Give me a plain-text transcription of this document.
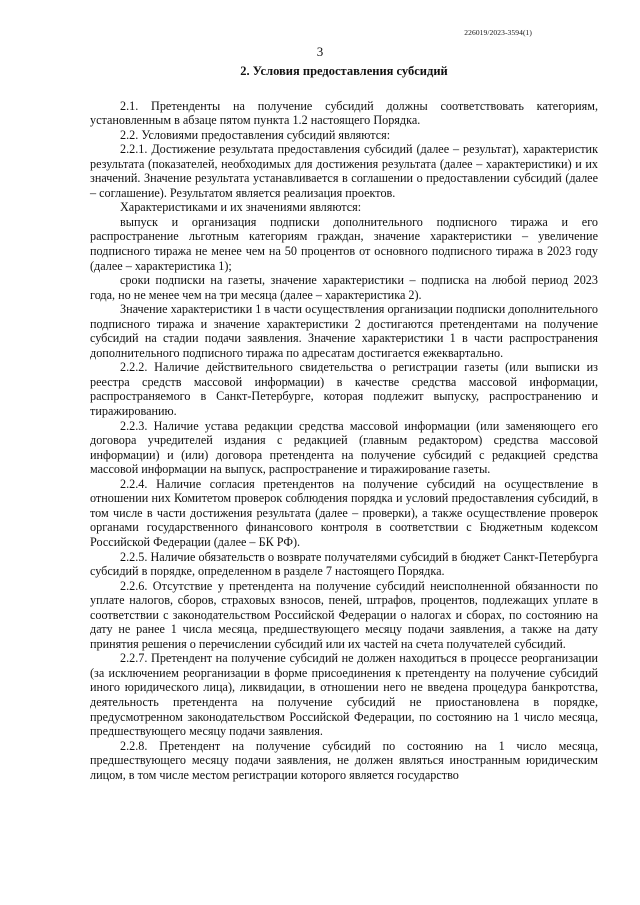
226019/2023-3594(1)
3
2. Условия предоставления субсидий

2.1. Претенденты на получение субсидий должны соответствовать категориям, установленным в абзаце пятом пункта 1.2 настоящего Порядка.

2.2. Условиями предоставления субсидий являются:

2.2.1. Достижение результата предоставления субсидий (далее – результат), характеристик результата (показателей, необходимых для достижения результата (далее – характеристики) и их значений. Значение результата устанавливается в соглашении о предоставлении субсидий (далее – соглашение). Результатом является реализация проектов.

Характеристиками и их значениями являются:

выпуск и организация подписки дополнительного подписного тиража и его распространение льготным категориям граждан, значение характеристики – увеличение подписного тиража не менее чем на 50 процентов от основного подписного тиража в 2023 году (далее – характеристика 1);

сроки подписки на газеты, значение характеристики – подписка на любой период 2023 года, но не менее чем на три месяца (далее – характеристика 2).

Значение характеристики 1 в части осуществления организации подписки дополнительного подписного тиража и значение характеристики 2 достигаются претендентами на получение субсидий на стадии подачи заявления. Значение характеристики 1 в части распространения дополнительного подписного тиража по адресатам достигается ежеквартально.

2.2.2. Наличие действительного свидетельства о регистрации газеты (или выписки из реестра средств массовой информации) в качестве средства массовой информации, распространяемого в Санкт-Петербурге, которая подлежит выпуску, распространению и тиражированию.

2.2.3. Наличие устава редакции средства массовой информации (или заменяющего его договора учредителей издания с редакцией (главным редактором) средства массовой информации) и (или) договора претендента на получение субсидий с редакцией средства массовой информации на выпуск, распространение и тиражирование газеты.

2.2.4. Наличие согласия претендентов на получение субсидий на осуществление в отношении них Комитетом проверок соблюдения порядка и условий предоставления субсидий, в том числе в части достижения результата (далее – проверки), а также осуществление проверок органами государственного финансового контроля в соответствии с Бюджетным кодексом Российской Федерации (далее – БК РФ).

2.2.5. Наличие обязательств о возврате получателями субсидий в бюджет Санкт-Петербурга субсидий в порядке, определенном в разделе 7 настоящего Порядка.

2.2.6. Отсутствие у претендента на получение субсидий неисполненной обязанности по уплате налогов, сборов, страховых взносов, пеней, штрафов, процентов, подлежащих уплате в соответствии с законодательством Российской Федерации о налогах и сборах, по состоянию на дату не ранее 1 числа месяца, предшествующего месяцу подачи заявления, а также на дату принятия решения о перечислении субсидий или их частей на счета получателей субсидий.

2.2.7. Претендент на получение субсидий не должен находиться в процессе реорганизации (за исключением реорганизации в форме присоединения к претенденту на получение субсидий иного юридического лица), ликвидации, в отношении него не введена процедура банкротства, деятельность претендента на получение субсидий не приостановлена в порядке, предусмотренном законодательством Российской Федерации, по состоянию на 1 число месяца, предшествующего месяцу подачи заявления.

2.2.8. Претендент на получение субсидий по состоянию на 1 число месяца, предшествующего месяцу подачи заявления, не должен являться иностранным юридическим лицом, в том числе местом регистрации которого является государство
